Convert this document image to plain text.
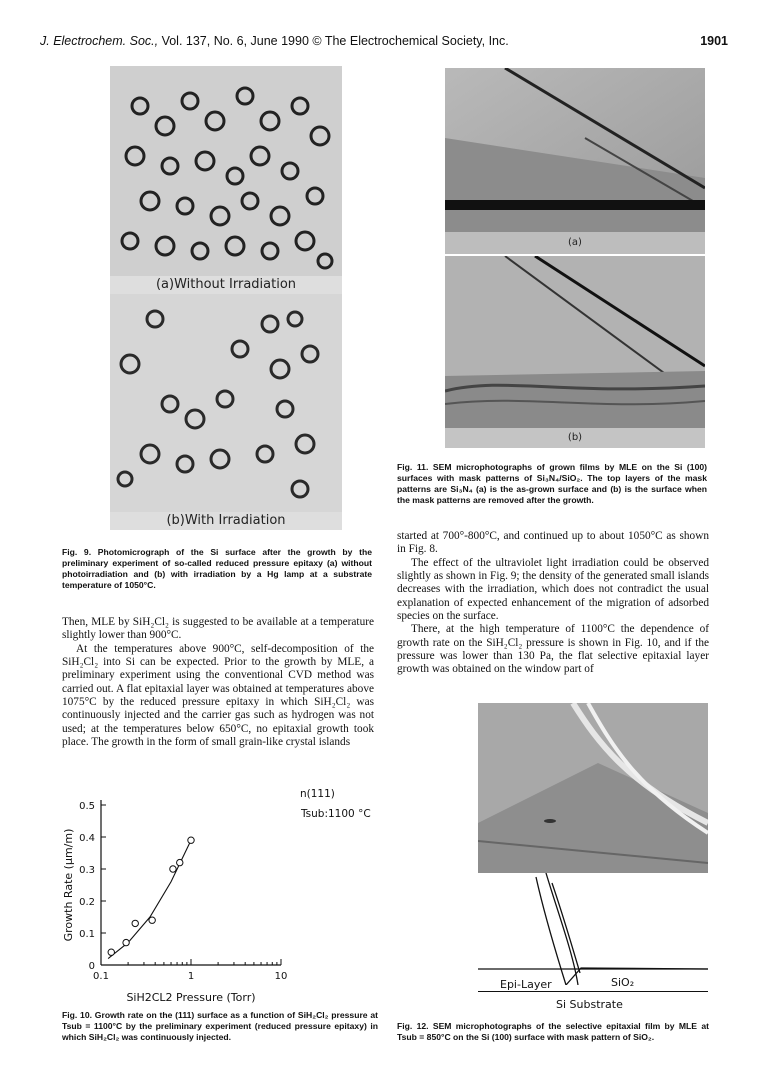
J. Electrochem. Soc., Vol. 137, No. 6, June 1990 © The Electrochemical Society, Inc.	1901
(a)Without Irradiation
(b)With Irradiation
Fig. 9. Photomicrograph of the Si surface after the growth by the preliminary experiment of so-called reduced pressure epitaxy (a) without photoirradiation and (b) with irradiation by a Hg lamp at a substrate temperature of 1050°C.

Then, MLE by SiH₂Cl₂ is suggested to be available at a temperature slightly lower than 900°C.

At the temperatures above 900°C, self-decomposition of the SiH₂Cl₂ into Si can be expected. Prior to the growth by MLE, a preliminary experiment using the conventional CVD method was carried out. A flat epitaxial layer was obtained at temperatures above 1075°C by the reduced pressure epitaxy in which SiH₂Cl₂ was continuously injected and the carrier gas such as hydrogen was not used; at the temperatures below 650°C, no epitaxial growth took place. The growth in the form of small grain-like crystal islands

(a)
(b)
Fig. 11. SEM microphotographs of grown films by MLE on the Si (100) surfaces with mask patterns of Si₃N₄/SiO₂. The top layers of the mask patterns are Si₃N₄ (a) is the as-grown surface and (b) is the surface when the mask patterns are removed after the growth.

started at 700°-800°C, and continued up to about 1050°C as shown in Fig. 8.

The effect of the ultraviolet light irradiation could be observed slightly as shown in Fig. 9; the density of the generated small islands decreases with the irradiation, which does not contradict the usual explanation of expected enhancement of the migration of adsorbed species on the surface.

There, at the high temperature of 1100°C the dependence of growth rate on the SiH₂Cl₂ pressure is shown in Fig. 10, and if the pressure was lower than 130 Pa, the flat selective epitaxial layer growth was obtained on the window part of

n(111)
Tsub:1100 °C
0
0.1
0.2
0.3
0.4
0.5
0.1	1	10
SiH2CL2 Pressure (Torr)
Growth Rate (μm/m)
Fig. 10. Growth rate on the (111) surface as a function of SiH₂Cl₂ pressure at Tsub = 1100°C by the preliminary experiment (reduced pressure epitaxy) in which SiH₂Cl₂ was continuously injected.
Epi-Layer	SiO₂
Si Substrate
Fig. 12. SEM microphotographs of the selective epitaxial film by MLE at Tsub = 850°C on the Si (100) surface with mask pattern of SiO₂.
